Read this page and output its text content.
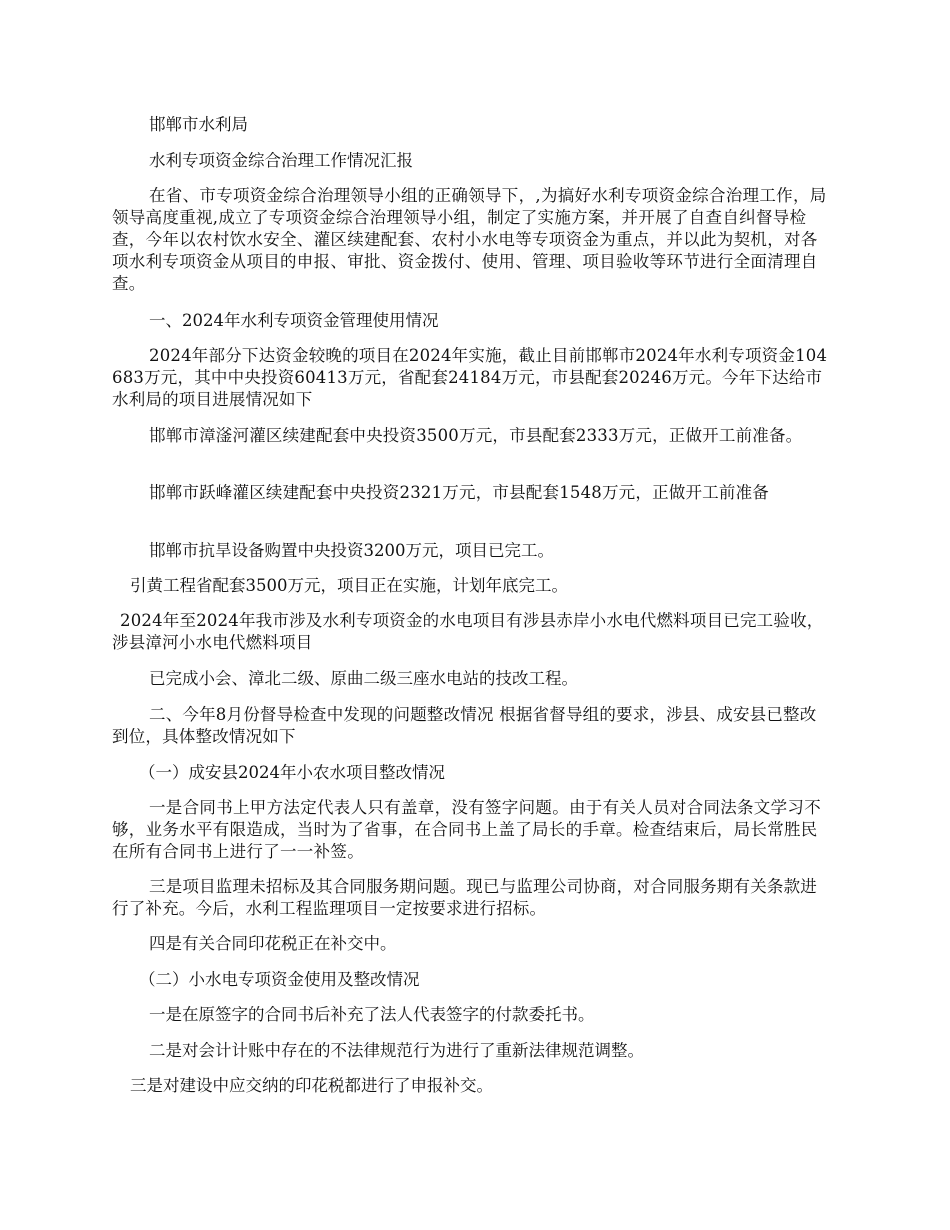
邯郸市水利局

水利专项资金综合治理工作情况汇报

在省、市专项资金综合治理领导小组的正确领导下，,为搞好水利专项资金综合治理工作，局领导高度重视,成立了专项资金综合治理领导小组，制定了实施方案，并开展了自查自纠督导检查，今年以农村饮水安全、灌区续建配套、农村小水电等专项资金为重点，并以此为契机，对各项水利专项资金从项目的申报、审批、资金拨付、使用、管理、项目验收等环节进行全面清理自查。

一、2024年水利专项资金管理使用情况

2024年部分下达资金较晚的项目在2024年实施，截止目前邯郸市2024年水利专项资金104683万元，其中中央投资60413万元，省配套24184万元，市县配套20246万元。今年下达给市水利局的项目进展情况如下

邯郸市漳滏河灌区续建配套中央投资3500万元，市县配套2333万元，正做开工前准备。

邯郸市跃峰灌区续建配套中央投资2321万元，市县配套1548万元，正做开工前准备

邯郸市抗旱设备购置中央投资3200万元，项目已完工。

引黄工程省配套3500万元，项目正在实施，计划年底完工。

2024年至2024年我市涉及水利专项资金的水电项目有涉县赤岸小水电代燃料项目已完工验收，涉县漳河小水电代燃料项目

已完成小会、漳北二级、原曲二级三座水电站的技改工程。

二、今年8月份督导检查中发现的问题整改情况 根据省督导组的要求，涉县、成安县已整改到位，具体整改情况如下

（一）成安县2024年小农水项目整改情况

一是合同书上甲方法定代表人只有盖章，没有签字问题。由于有关人员对合同法条文学习不够，业务水平有限造成，当时为了省事，在合同书上盖了局长的手章。检查结束后，局长常胜民在所有合同书上进行了一一补签。

三是项目监理未招标及其合同服务期问题。现已与监理公司协商，对合同服务期有关条款进行了补充。今后，水利工程监理项目一定按要求进行招标。

四是有关合同印花税正在补交中。

（二）小水电专项资金使用及整改情况

一是在原签字的合同书后补充了法人代表签字的付款委托书。

二是对会计计账中存在的不法律规范行为进行了重新法律规范调整。

三是对建设中应交纳的印花税都进行了申报补交。
